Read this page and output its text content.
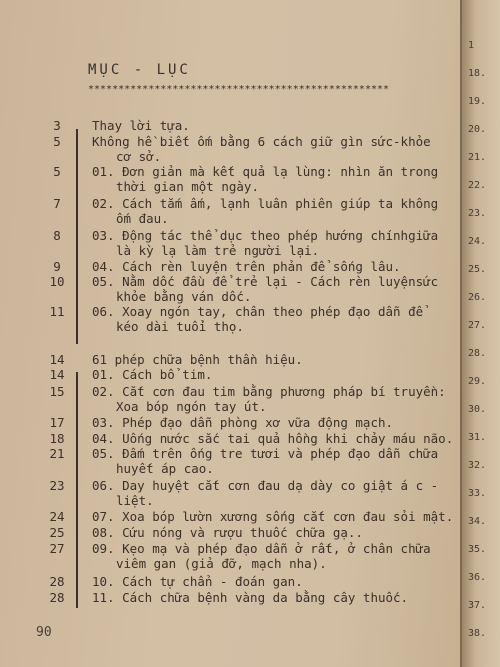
MỤC - LỤC
**************************************************
3	Thay lời tựa.
5	Không hề biết ốm bằng 6 cách giữ gìn sức-khỏe
cơ sở.
5	01. Đơn giản mà kết quả lạ lùng: nhìn ăn trong
thời gian một ngày.
7	02. Cách tắm ấm, lạnh luân phiên giúp ta không
ốm đau.
8	03. Động tác thể dục theo phép hướng chínhgiữa
là kỳ lạ làm trẻ người lại.
9	04. Cách rèn luyện trên phản để sống lâu.
10	05. Nằm dốc đầu để trẻ lại - Cách rèn luyệnsức
khỏe bằng ván dốc.
11	06. Xoay ngón tay, chân theo phép đạo dẫn để
kéo dài tuổi thọ.
14	61 phép chữa bệnh thần hiệu.
14	01. Cách bổ tim.
15	02. Cắt cơn đau tim bằng phương pháp bí truyền:
Xoa bóp ngón tay út.
17	03. Phép đạo dẫn phòng xơ vữa động mạch.
18	04. Uống nước sắc tai quả hồng khi chảy máu não.
21	05. Đấm trên ống tre tươi và phép đạo dẫn chữa
huyết áp cao.
23	06. Day huyệt cắt cơn đau dạ dày co giật á c -
liệt.
24	07. Xoa bóp lườn xương sống cắt cơn đau sỏi mật.
25	08. Cứu nóng và rượu thuốc chữa gạ..
27	09. Kẹo mạ và phép đạo dẫn ở rất, ở chân chữa
viêm gan (giả đỡ, mạch nha).
28	10. Cách tự chẩn - đoán gan.
28	11. Cách chữa bệnh vàng da bằng cây thuốc.
90
1
18.
19.
20.
21.
22.
23.
24.
25.
26.
27.
28.
29.
30.
31.
32.
33.
34.
35.
36.
37.
38.
